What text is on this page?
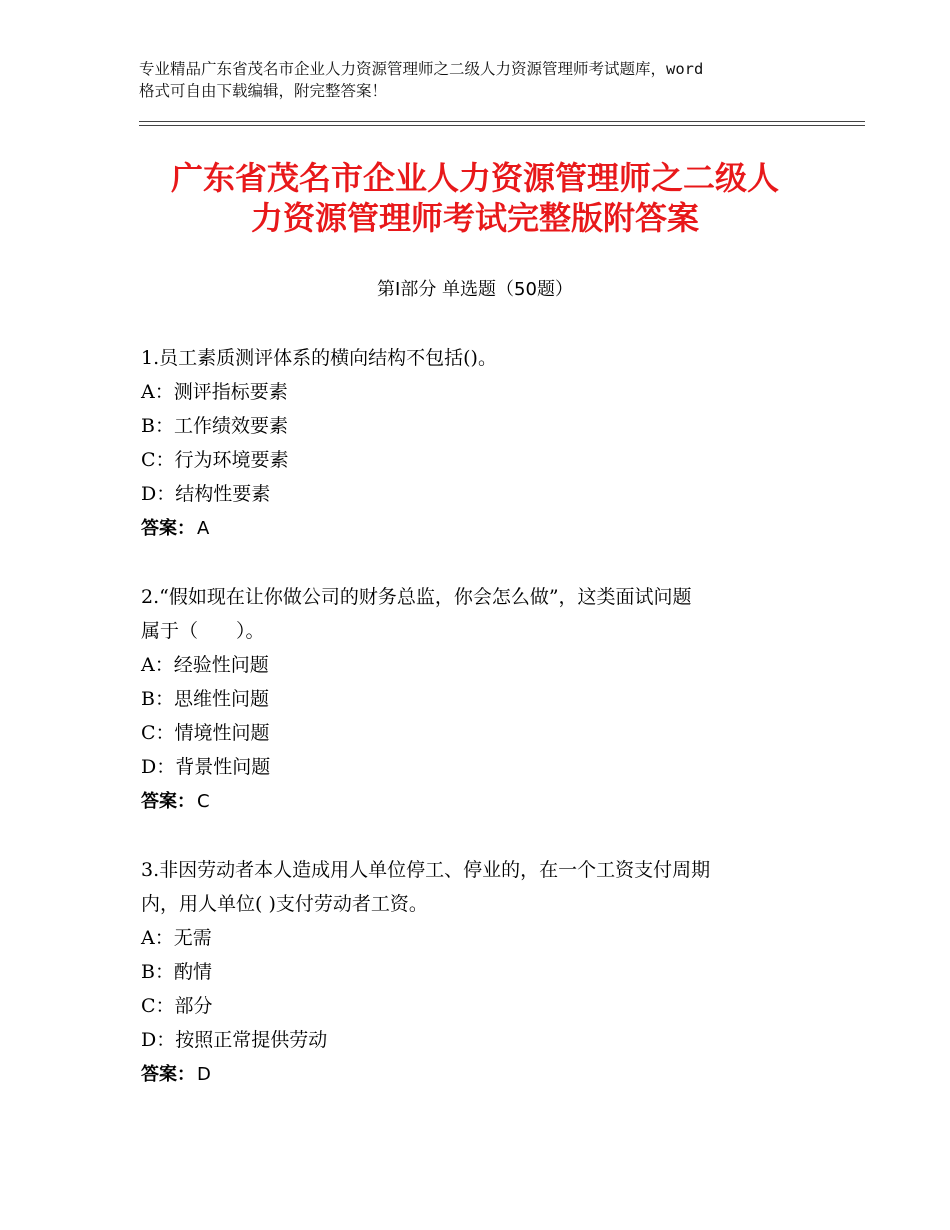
专业精品广东省茂名市企业人力资源管理师之二级人力资源管理师考试题库，word
格式可自由下载编辑，附完整答案！
广东省茂名市企业人力资源管理师之二级人
力资源管理师考试完整版附答案
第Ⅰ部分 单选题（50题）
1.员工素质测评体系的横向结构不包括()。
A：测评指标要素
B：工作绩效要素
C：行为环境要素
D：结构性要素
答案： A
2.“假如现在让你做公司的财务总监，你会怎么做”，这类面试问题
属于（　　）。
A：经验性问题
B：思维性问题
C：情境性问题
D：背景性问题
答案： C
3.非因劳动者本人造成用人单位停工、停业的，在一个工资支付周期
内，用人单位( )支付劳动者工资。
A：无需
B：酌情
C：部分
D：按照正常提供劳动
答案： D
